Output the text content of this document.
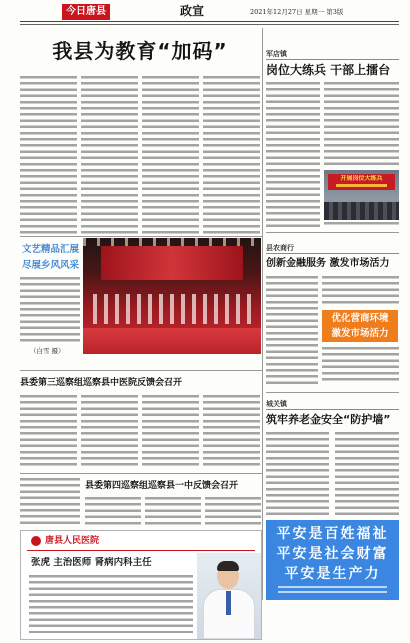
今日唐县	政宣	2021年12月27日 星期一 第3版
我县为教育“加码”
文艺精品汇展
尽展乡风风采
（白雪 摄）
县委第三巡察组巡察县中医院反馈会召开
县委第四巡察组巡察县一中反馈会召开
唐县人民医院
张虎 主治医师 肾病内科主任
军店镇
岗位大练兵 干部上擂台
开展岗位大练兵
县农商行
创新金融服务 激发市场活力
优化营商环境
激发市场活力
城关镇
筑牢养老金安全“防护墙”
平安是百姓福祉
平安是社会财富
平安是生产力
